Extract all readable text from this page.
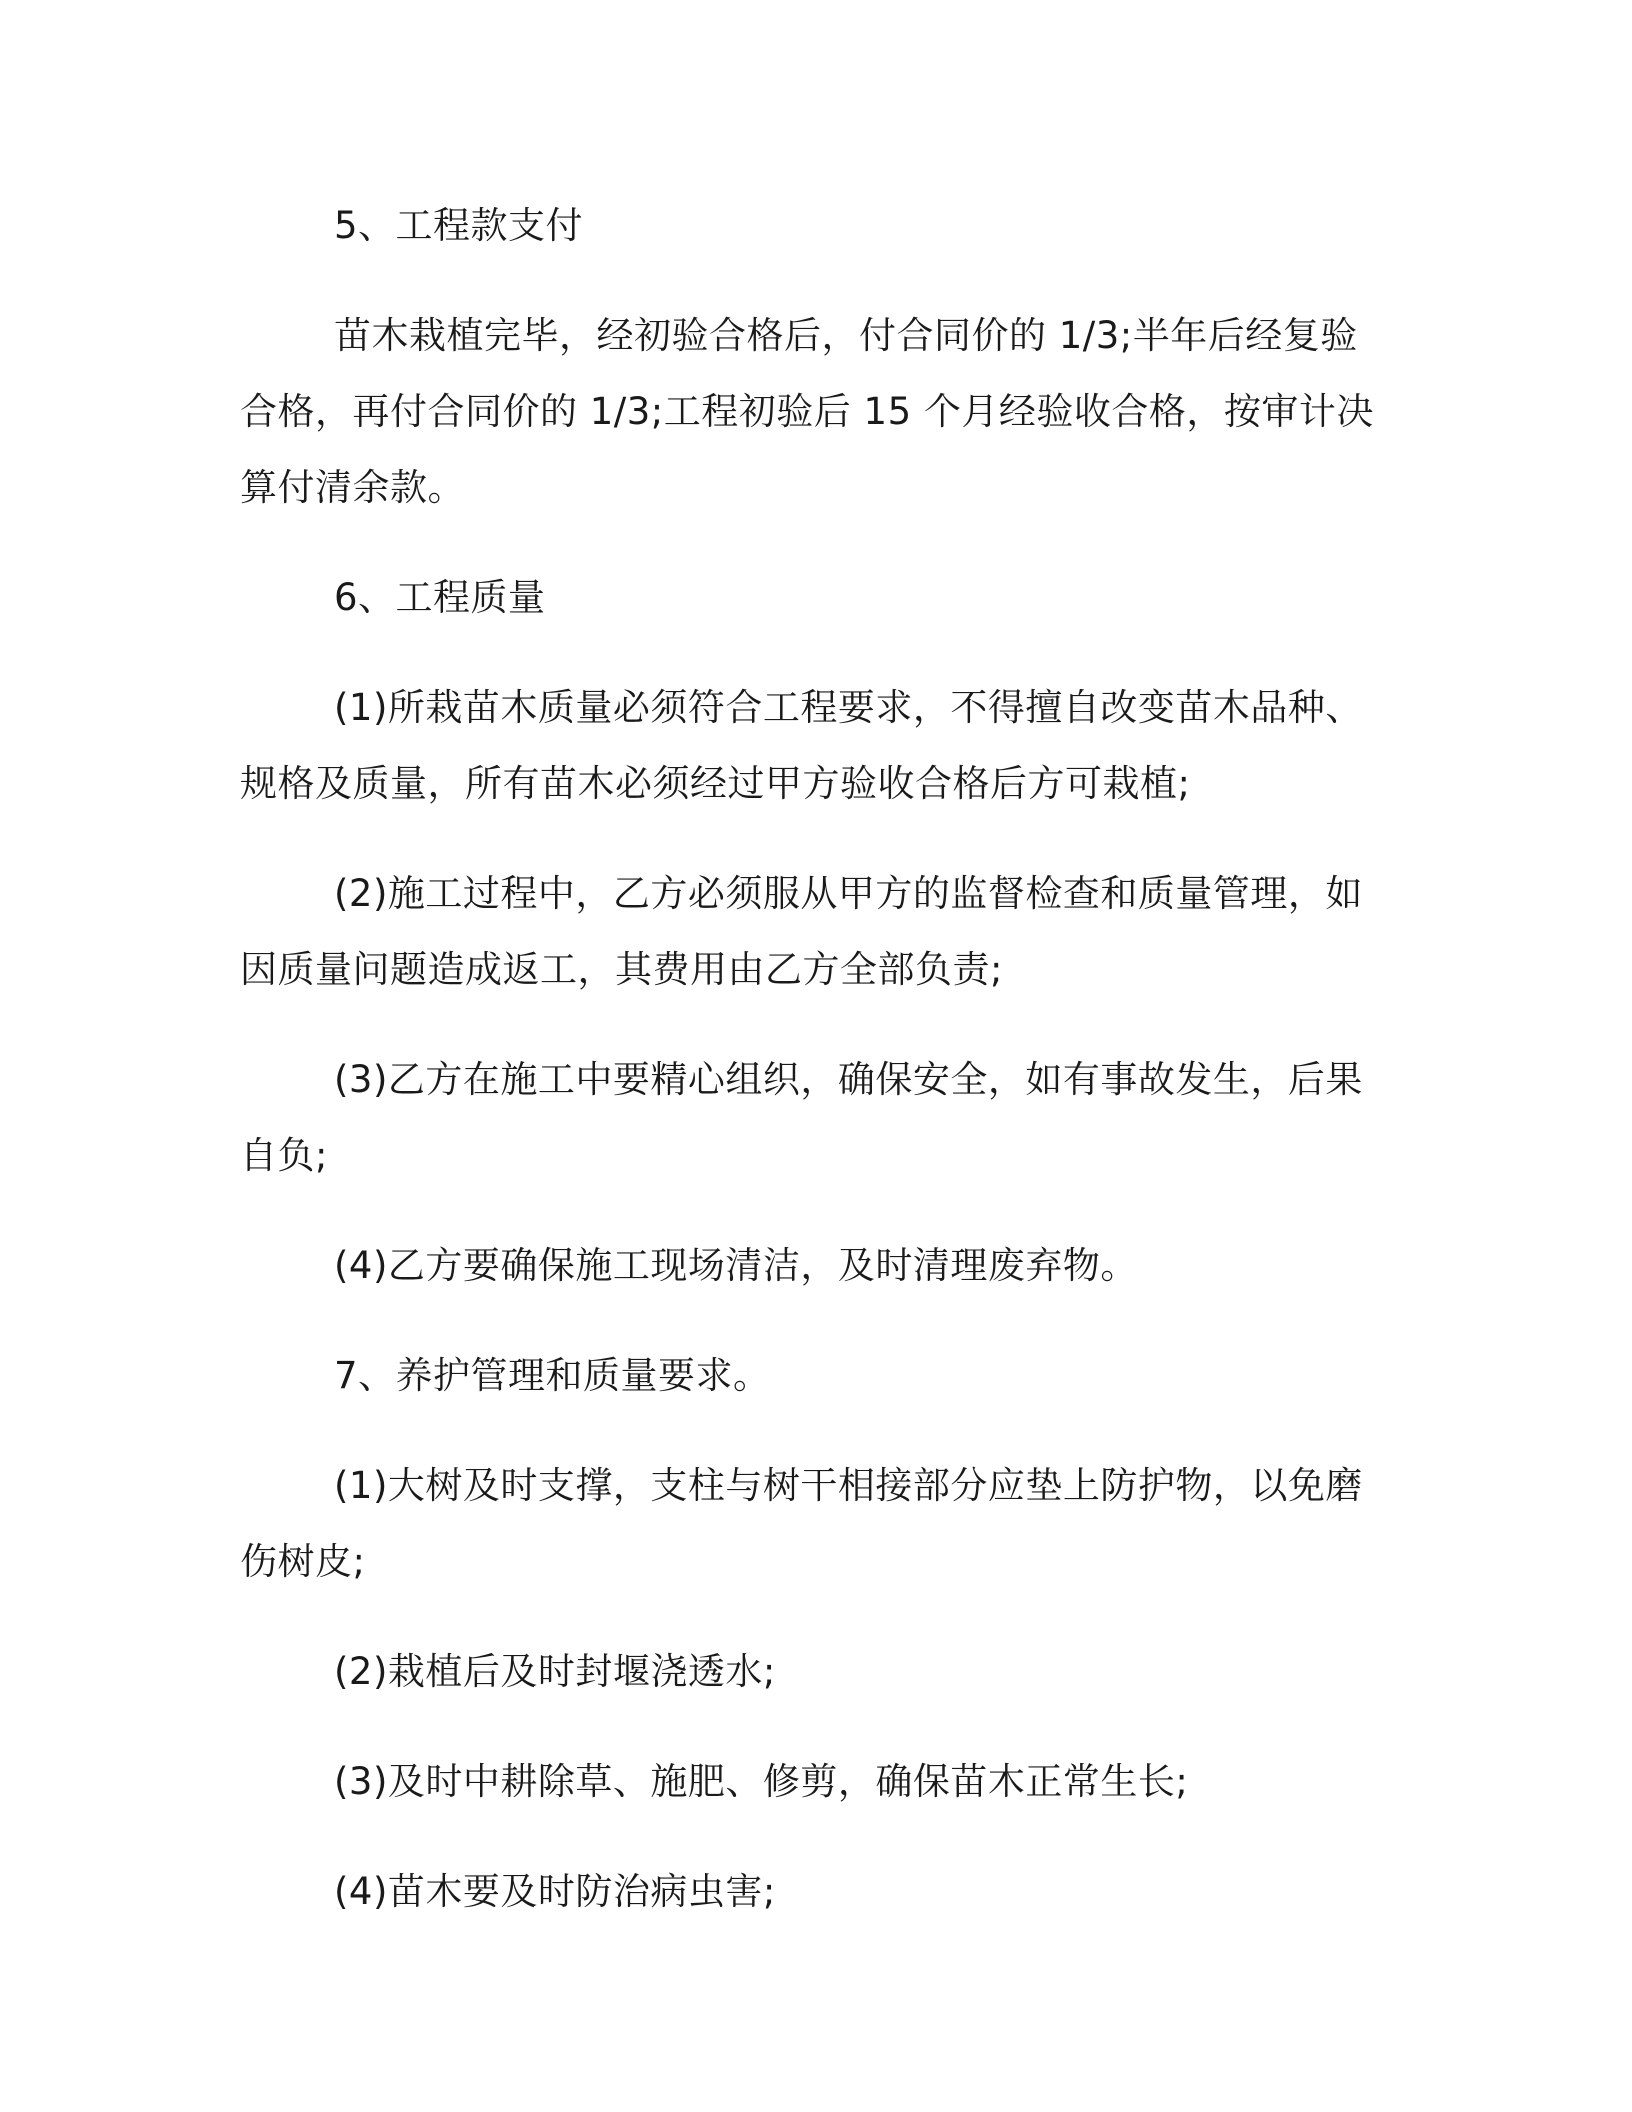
5、工程款支付

苗木栽植完毕，经初验合格后，付合同价的 1/3;半年后经复验合格，再付合同价的 1/3;工程初验后 15 个月经验收合格，按审计决算付清余款。

6、工程质量

(1)所栽苗木质量必须符合工程要求，不得擅自改变苗木品种、规格及质量，所有苗木必须经过甲方验收合格后方可栽植;

(2)施工过程中，乙方必须服从甲方的监督检查和质量管理，如因质量问题造成返工，其费用由乙方全部负责;

(3)乙方在施工中要精心组织，确保安全，如有事故发生，后果自负;

(4)乙方要确保施工现场清洁，及时清理废弃物。

7、养护管理和质量要求。

(1)大树及时支撑，支柱与树干相接部分应垫上防护物，以免磨伤树皮;

(2)栽植后及时封堰浇透水;

(3)及时中耕除草、施肥、修剪，确保苗木正常生长;

(4)苗木要及时防治病虫害;
